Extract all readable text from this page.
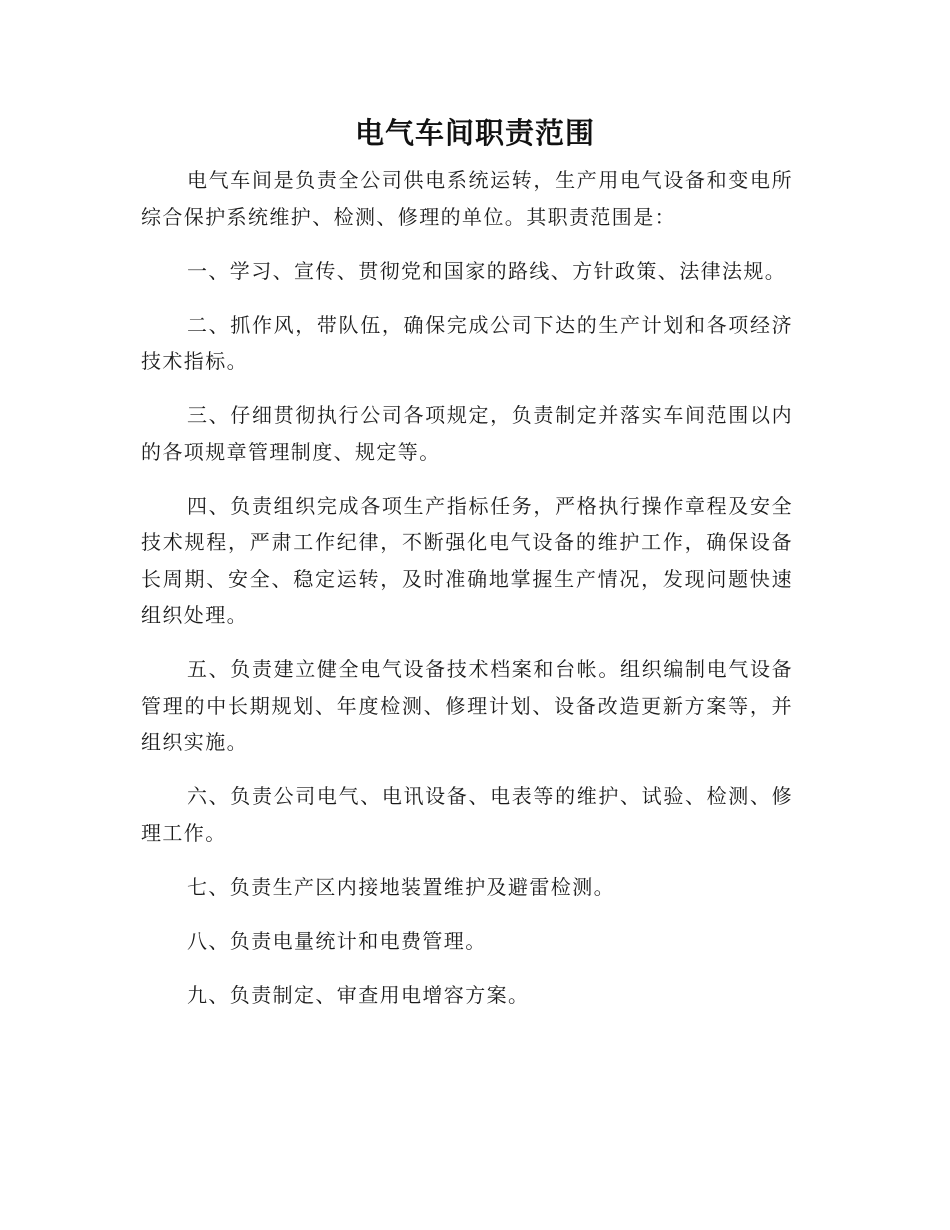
电气车间职责范围

电气车间是负责全公司供电系统运转，生产用电气设备和变电所综合保护系统维护、检测、修理的单位。其职责范围是：

一、学习、宣传、贯彻党和国家的路线、方针政策、法律法规。

二、抓作风，带队伍，确保完成公司下达的生产计划和各项经济技术指标。

三、仔细贯彻执行公司各项规定，负责制定并落实车间范围以内的各项规章管理制度、规定等。

四、负责组织完成各项生产指标任务，严格执行操作章程及安全技术规程，严肃工作纪律，不断强化电气设备的维护工作，确保设备长周期、安全、稳定运转，及时准确地掌握生产情况，发现问题快速组织处理。

五、负责建立健全电气设备技术档案和台帐。组织编制电气设备管理的中长期规划、年度检测、修理计划、设备改造更新方案等，并组织实施。

六、负责公司电气、电讯设备、电表等的维护、试验、检测、修理工作。

七、负责生产区内接地装置维护及避雷检测。

八、负责电量统计和电费管理。

九、负责制定、审查用电增容方案。
